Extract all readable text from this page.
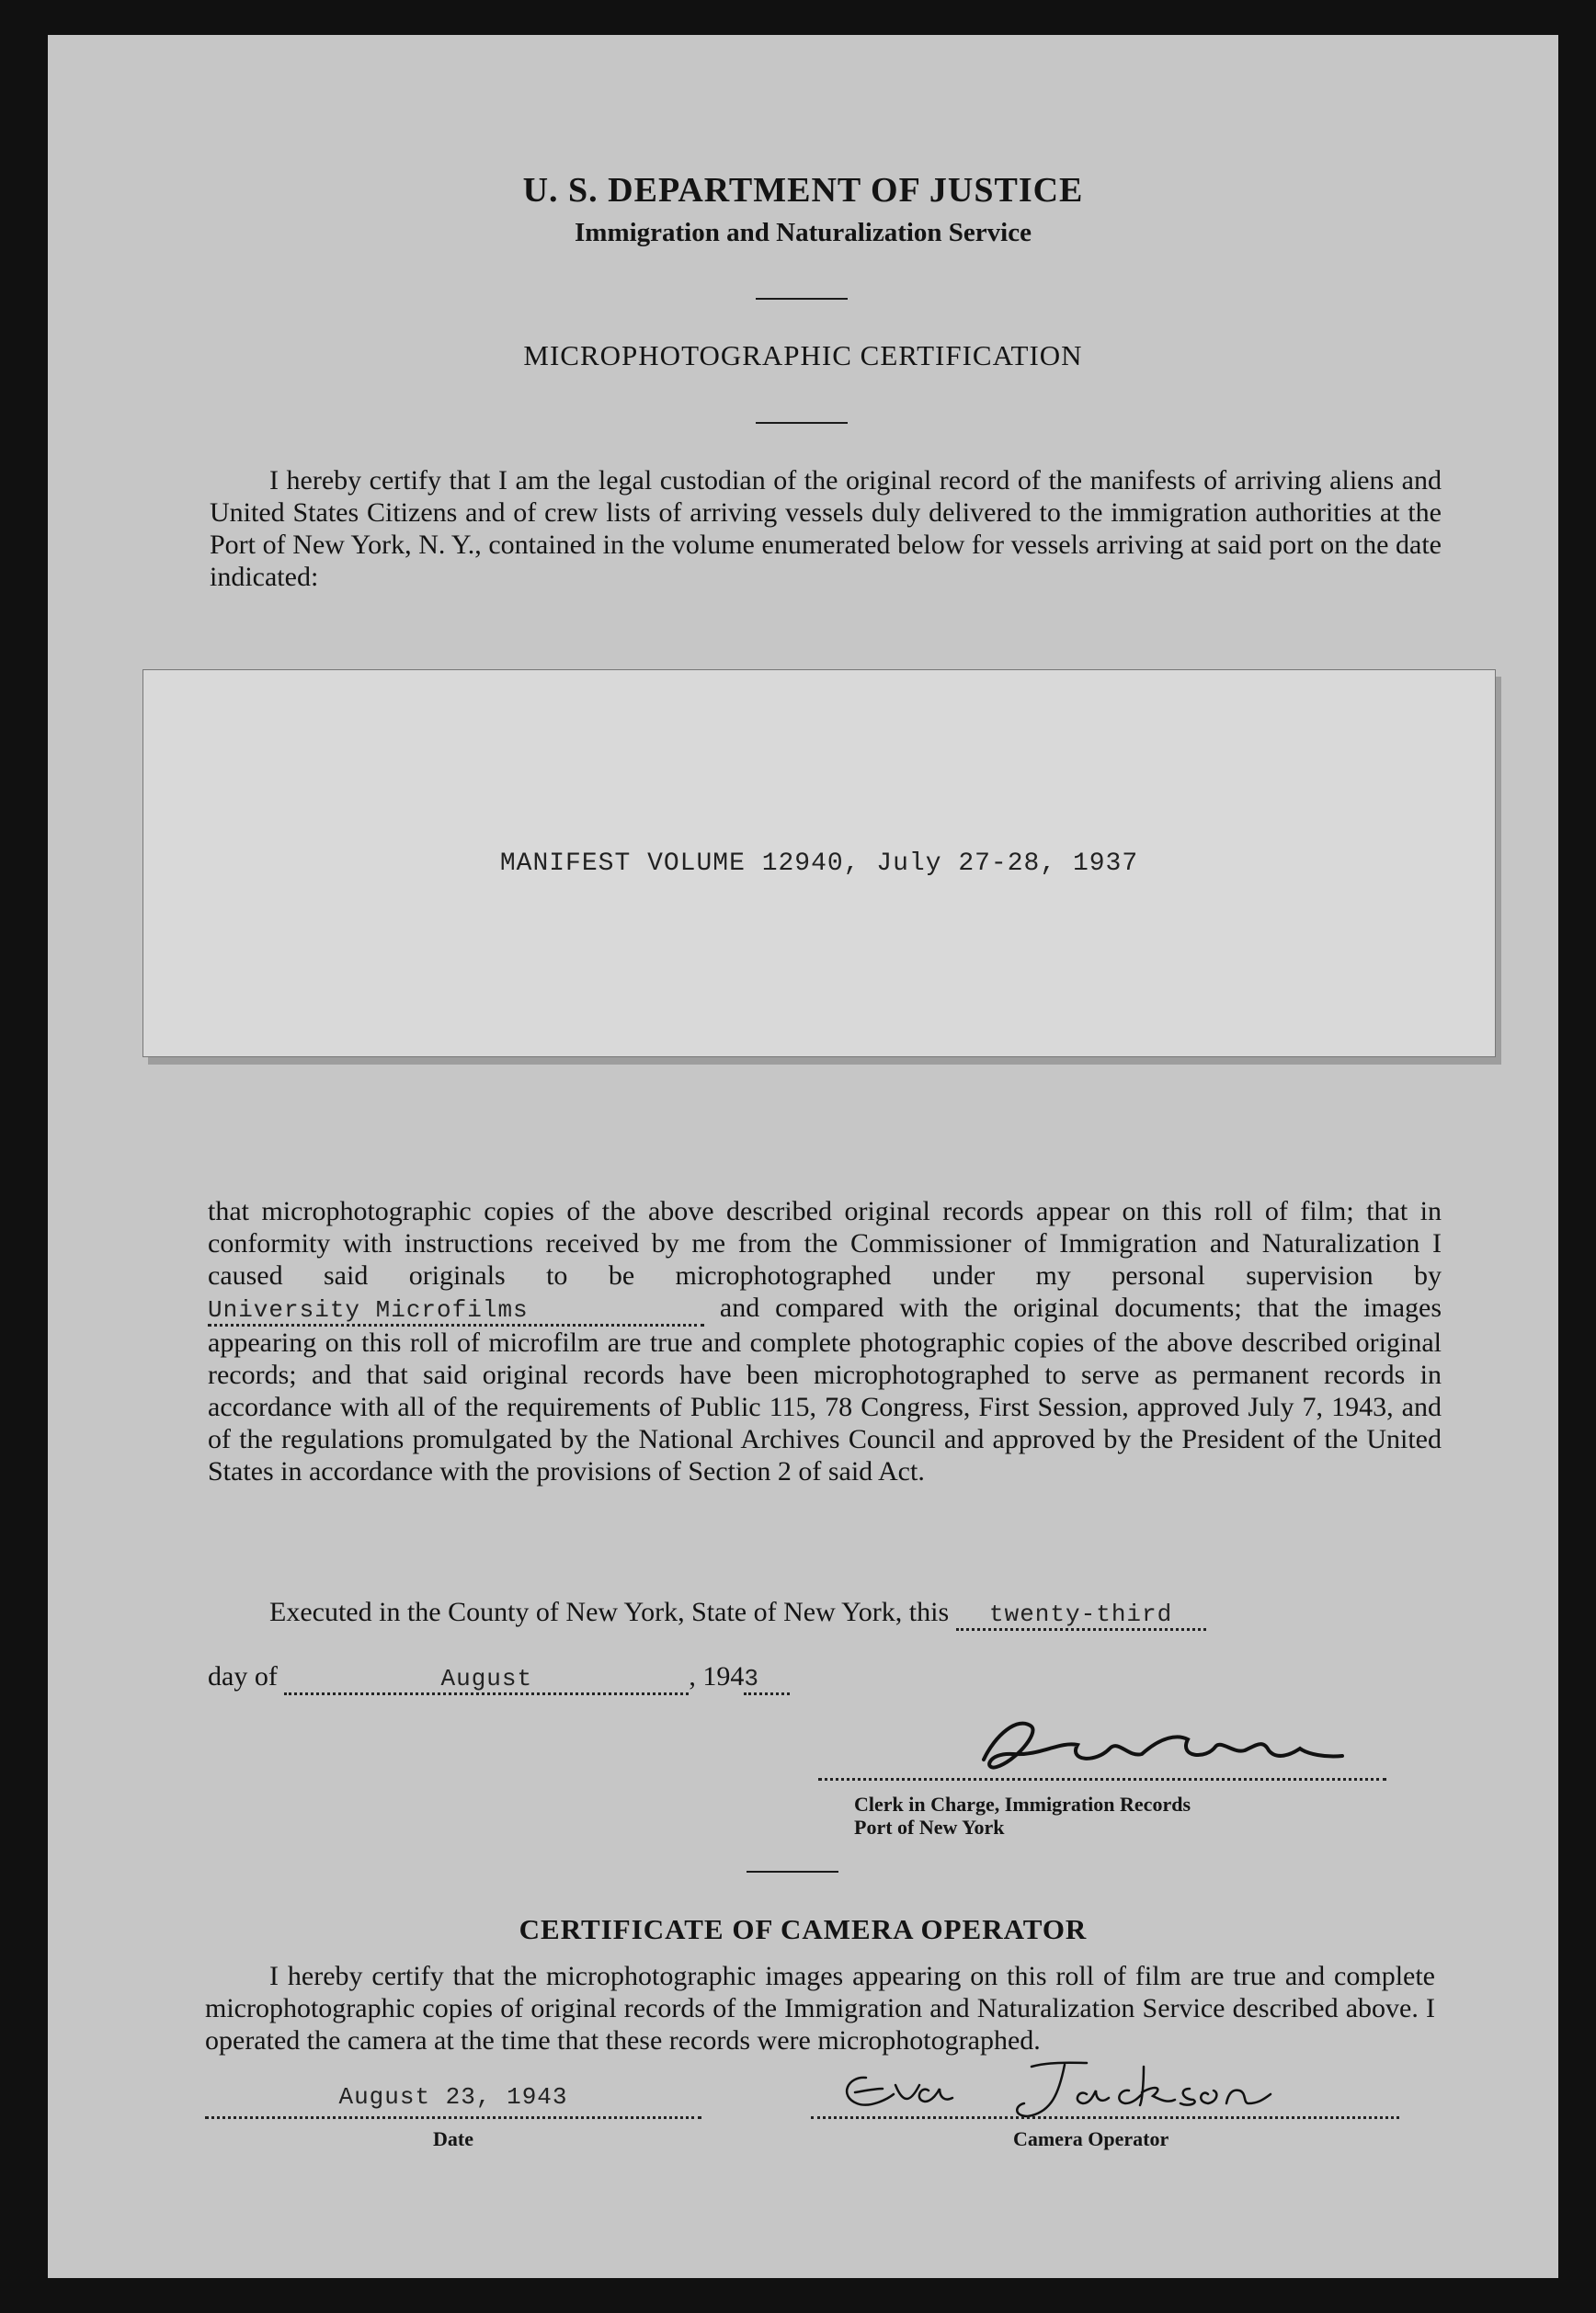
U. S. DEPARTMENT OF JUSTICE
Immigration and Naturalization Service
MICROPHOTOGRAPHIC CERTIFICATION
I hereby certify that I am the legal custodian of the original record of the manifests of arriving aliens and United States Citizens and of crew lists of arriving vessels duly delivered to the immigration authorities at the Port of New York, N. Y., contained in the volume enumerated below for vessels arriving at said port on the date indicated:
MANIFEST VOLUME 12940, July 27-28, 1937
that microphotographic copies of the above described original records appear on this roll of film; that in conformity with instructions received by me from the Commissioner of Immigration and Naturalization I caused said originals to be microphotographed under my personal supervision by University Microfilms	and compared with the original documents; that the images appearing on this roll of microfilm are true and complete photographic copies of the above described original records; and that said original records have been microphotographed to serve as permanent records in accordance with all of the requirements of Public 115, 78 Congress, First Session, approved July 7, 1943, and of the regulations promulgated by the National Archives Council and approved by the President of the United States in accordance with the provisions of Section 2 of said Act.
Executed in the County of New York, State of New York, this twenty-third
day of	August	, 1943
Clerk in Charge, Immigration Records
Port of New York
CERTIFICATE OF CAMERA OPERATOR
I hereby certify that the microphotographic images appearing on this roll of film are true and complete microphotographic copies of original records of the Immigration and Naturalization Service described above. I operated the camera at the time that these records were microphotographed.
August 23, 1943
Date	Camera Operator
